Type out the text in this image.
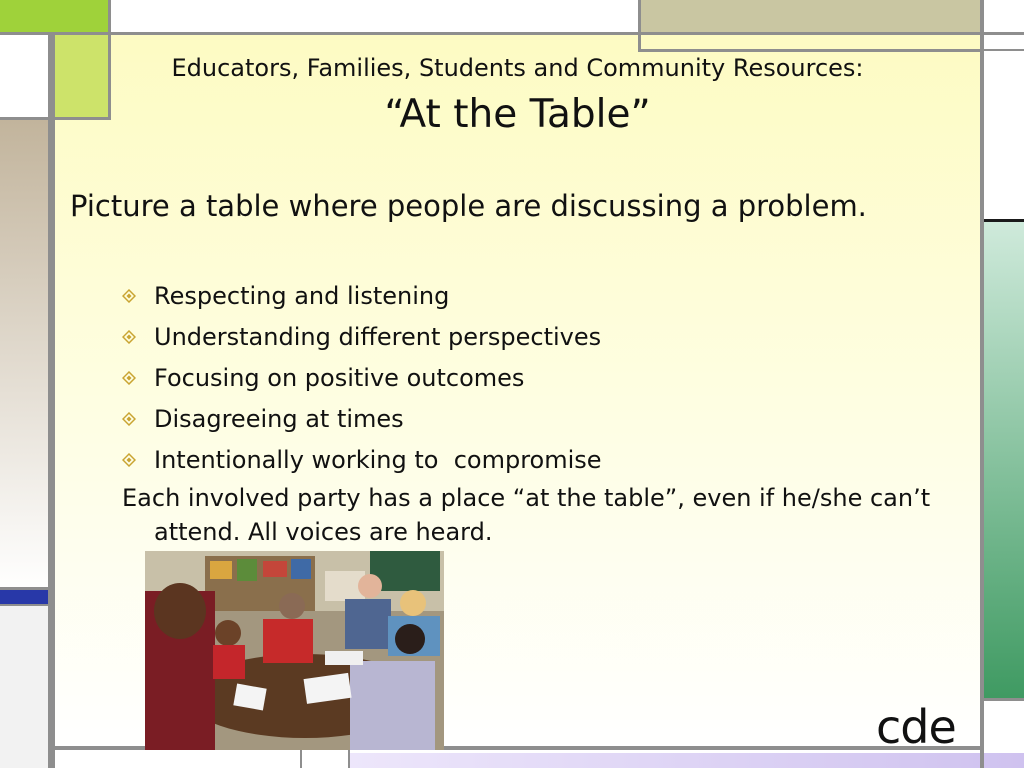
Educators, Families, Students and Community Resources:
“At the Table”
Picture a table where people are discussing a problem.
Respecting and listening
Understanding different perspectives
Focusing on positive outcomes
Disagreeing at times
Intentionally working to  compromise
Each involved party has a place “at the table”, even if he/she can’t attend. All voices are heard.
cde
